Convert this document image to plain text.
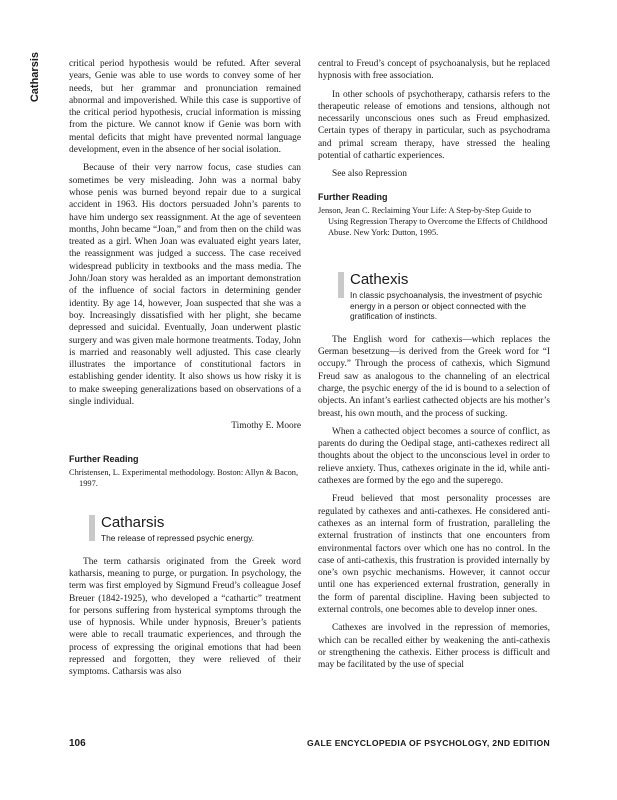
Catharsis	critical period hypothesis would be refuted. After several years, Genie was able to use words to convey some of her needs, but her grammar and pronunciation remained abnormal and impoverished. While this case is supportive of the critical period hypothesis, crucial information is missing from the picture. We cannot know if Genie was born with mental deficits that might have prevented normal language development, even in the absence of her social isolation.

Because of their very narrow focus, case studies can sometimes be very misleading. John was a normal baby whose penis was burned beyond repair due to a surgical accident in 1963. His doctors persuaded John’s parents to have him undergo sex reassignment. At the age of seventeen months, John became “Joan,” and from then on the child was treated as a girl. When Joan was evaluated eight years later, the reassignment was judged a success. The case received widespread publicity in textbooks and the mass media. The John/Joan story was heralded as an important demonstration of the influence of social factors in determining gender identity. By age 14, however, Joan suspected that she was a boy. Increasingly dissatisfied with her plight, she became depressed and suicidal. Eventually, Joan underwent plastic surgery and was given male hormone treatments. Today, John is married and reasonably well adjusted. This case clearly illustrates the importance of constitutional factors in establishing gender identity. It also shows us how risky it is to make sweeping generalizations based on observations of a single individual.

Timothy E. Moore
Further Reading
Christensen, L. Experimental methodology. Boston: Allyn & Bacon, 1997.
Catharsis
The release of repressed psychic energy.

The term catharsis originated from the Greek word katharsis, meaning to purge, or purgation. In psychology, the term was first employed by Sigmund Freud’s colleague Josef Breuer (1842-1925), who developed a “cathartic” treatment for persons suffering from hysterical symptoms through the use of hypnosis. While under hypnosis, Breuer’s patients were able to recall traumatic experiences, and through the process of expressing the original emotions that had been repressed and forgotten, they were relieved of their symptoms. Catharsis was also

central to Freud’s concept of psychoanalysis, but he replaced hypnosis with free association.

In other schools of psychotherapy, catharsis refers to the therapeutic release of emotions and tensions, although not necessarily unconscious ones such as Freud emphasized. Certain types of therapy in particular, such as psychodrama and primal scream therapy, have stressed the healing potential of cathartic experiences.

See also Repression

Further Reading
Jenson, Jean C. Reclaiming Your Life: A Step-by-Step Guide to Using Regression Therapy to Overcome the Effects of Childhood Abuse. New York: Dutton, 1995.
Cathexis
In classic psychoanalysis, the investment of psychic energy in a person or object connected with the gratification of instincts.

The English word for cathexis—which replaces the German besetzung—is derived from the Greek word for “I occupy.” Through the process of cathexis, which Sigmund Freud saw as analogous to the channeling of an electrical charge, the psychic energy of the id is bound to a selection of objects. An infant’s earliest cathected objects are his mother’s breast, his own mouth, and the process of sucking.

When a cathected object becomes a source of conflict, as parents do during the Oedipal stage, anti-cathexes redirect all thoughts about the object to the unconscious level in order to relieve anxiety. Thus, cathexes originate in the id, while anti-cathexes are formed by the ego and the superego.

Freud believed that most personality processes are regulated by cathexes and anti-cathexes. He considered anti-cathexes as an internal form of frustration, paralleling the external frustration of instincts that one encounters from environmental factors over which one has no control. In the case of anti-cathexis, this frustration is provided internally by one’s own psychic mechanisms. However, it cannot occur until one has experienced external frustration, generally in the form of parental discipline. Having been subjected to external controls, one becomes able to develop inner ones.

Cathexes are involved in the repression of memories, which can be recalled either by weakening the anti-cathexis or strengthening the cathexis. Either process is difficult and may be facilitated by the use of special

106	GALE ENCYCLOPEDIA OF PSYCHOLOGY, 2ND EDITION
